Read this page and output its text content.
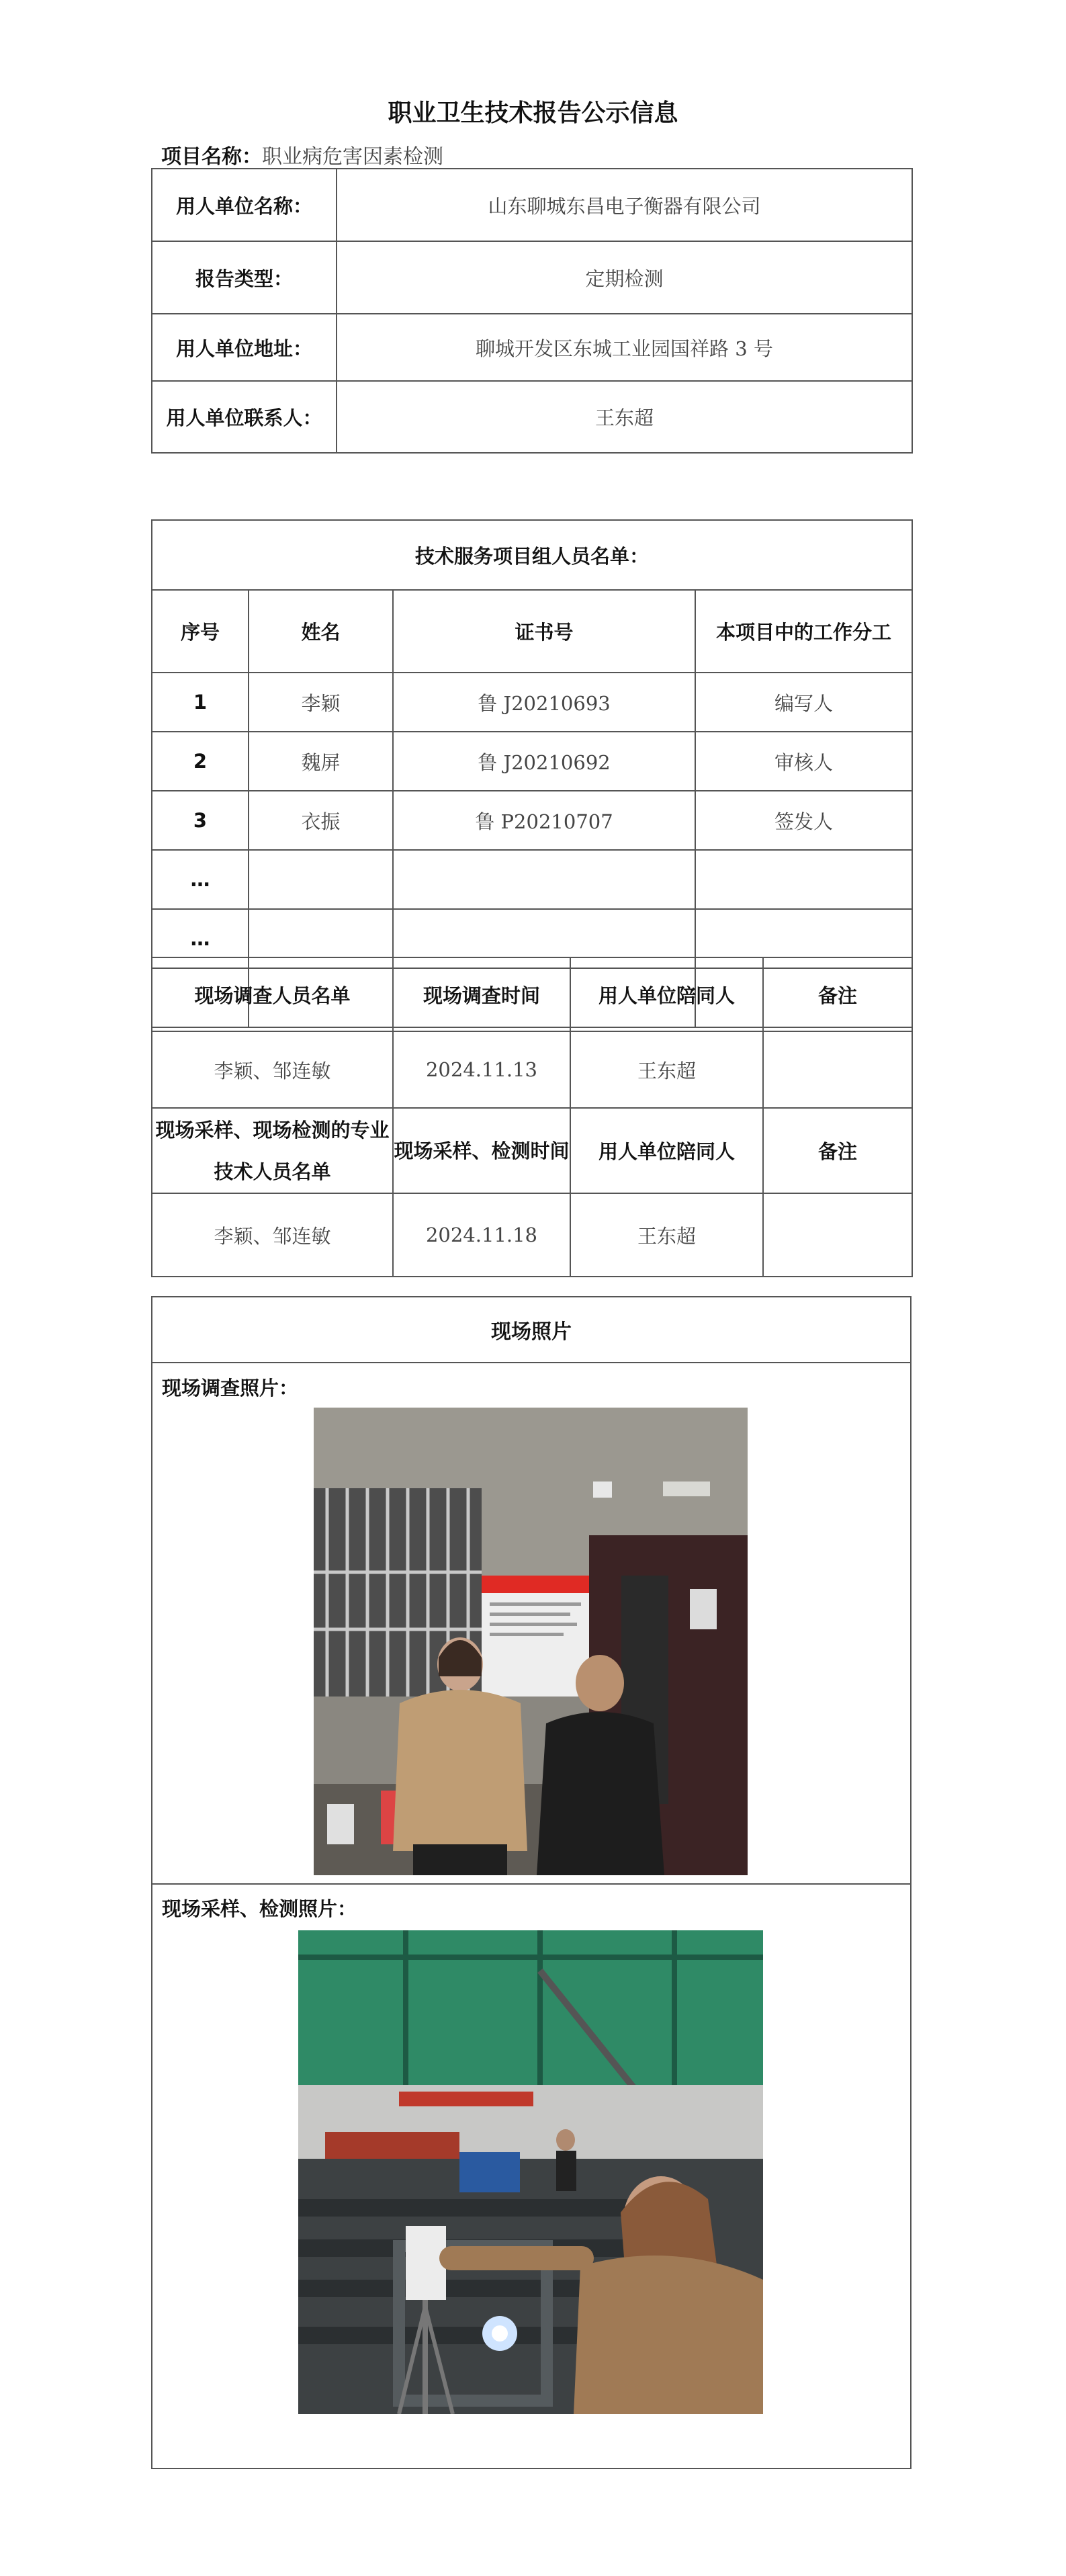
职业卫生技术报告公示信息
项目名称：职业病危害因素检测
用人单位名称：	山东聊城东昌电子衡器有限公司
报告类型：	定期检测
用人单位地址：	聊城开发区东城工业园国祥路 3 号
用人单位联系人：	王东超
技术服务项目组人员名单：			
序号	姓名	证书号	本项目中的工作分工
1	李颖	鲁 J20210693	编写人
2	魏屏	鲁 J20210692	审核人
3	衣振	鲁 P20210707	签发人
…			
…			

现场调查人员名单	现场调查时间	用人单位陪同人	备注
李颖、邹连敏	2024.11.13	王东超	
现场采样、现场检测的专业技术人员名单	现场采样、检测时间	用人单位陪同人	备注
李颖、邹连敏	2024.11.18	王东超	
现场照片
现场调查照片：
现场采样、检测照片：
